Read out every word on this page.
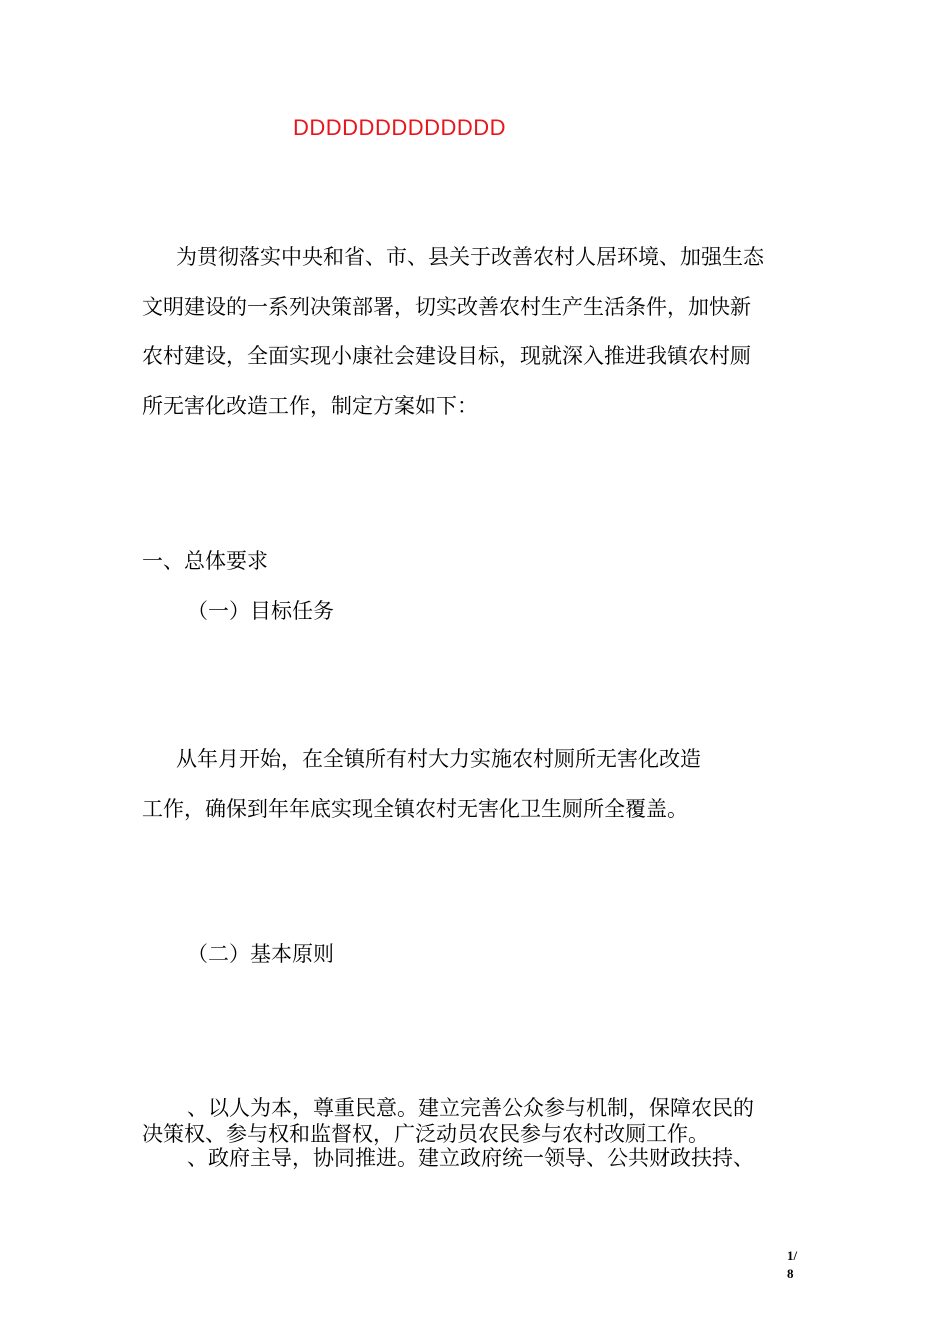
DDDDDDDDDDDDD
为贯彻落实中央和省、市、县关于改善农村人居环境、加强生态
文明建设的一系列决策部署，切实改善农村生产生活条件，加快新
农村建设，全面实现小康社会建设目标，现就深入推进我镇农村厕
所无害化改造工作，制定方案如下：
一、总体要求
（一）目标任务
从年月开始，在全镇所有村大力实施农村厕所无害化改造
工作，确保到年年底实现全镇农村无害化卫生厕所全覆盖。
（二）基本原则
、以人为本，尊重民意。建立完善公众参与机制，保障农民的
决策权、参与权和监督权，广泛动员农民参与农村改厕工作。
、政府主导，协同推进。建立政府统一领导、公共财政扶持、
1/
8
